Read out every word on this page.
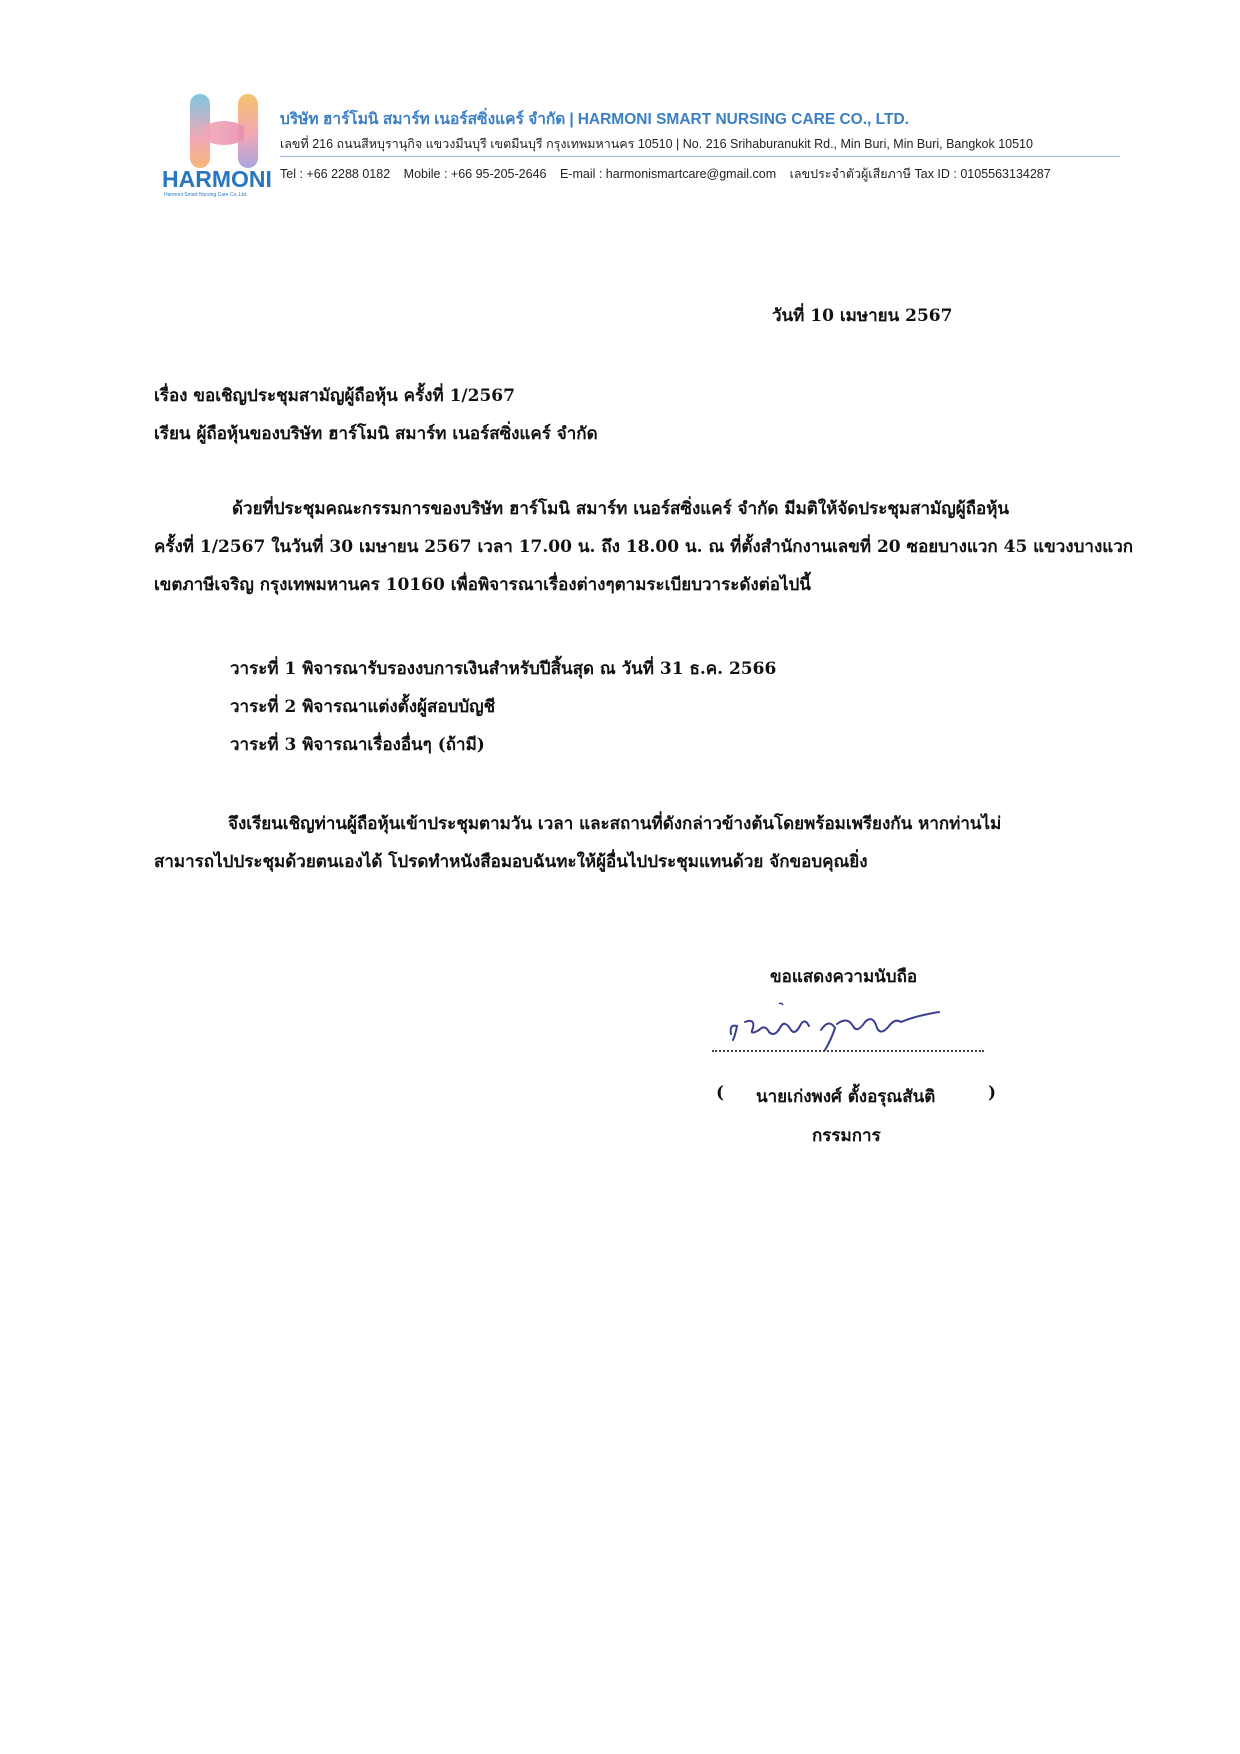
HARMONI
Harmoni Smart Nursing Care Co.,Ltd.
บริษัท ฮาร์โมนิ สมาร์ท เนอร์สซิ่งแคร์ จำกัด | HARMONI SMART NURSING CARE CO., LTD.
เลขที่ 216 ถนนสีหบุรานุกิจ แขวงมีนบุรี เขตมีนบุรี กรุงเทพมหานคร 10510 | No. 216 Srihaburanukit Rd., Min Buri, Min Buri, Bangkok 10510
Tel : +66 2288 0182 Mobile : +66 95-205-2646 E-mail : harmonismartcare@gmail.com เลขประจำตัวผู้เสียภาษี Tax ID : 0105563134287
วันที่ 10 เมษายน 2567
เรื่อง ขอเชิญประชุมสามัญผู้ถือหุ้น ครั้งที่ 1/2567
เรียน ผู้ถือหุ้นของบริษัท ฮาร์โมนิ สมาร์ท เนอร์สซิ่งแคร์ จำกัด
ด้วยที่ประชุมคณะกรรมการของบริษัท ฮาร์โมนิ สมาร์ท เนอร์สซิ่งแคร์ จำกัด มีมติให้จัดประชุมสามัญผู้ถือหุ้น
ครั้งที่ 1/2567 ในวันที่ 30 เมษายน 2567 เวลา 17.00 น. ถึง 18.00 น. ณ ที่ตั้งสำนักงานเลขที่ 20 ซอยบางแวก 45 แขวงบางแวก
เขตภาษีเจริญ กรุงเทพมหานคร 10160 เพื่อพิจารณาเรื่องต่างๆตามระเบียบวาระดังต่อไปนี้
วาระที่ 1 พิจารณารับรองงบการเงินสำหรับปีสิ้นสุด ณ วันที่ 31 ธ.ค. 2566
วาระที่ 2 พิจารณาแต่งตั้งผู้สอบบัญชี
วาระที่ 3 พิจารณาเรื่องอื่นๆ (ถ้ามี)
จึงเรียนเชิญท่านผู้ถือหุ้นเข้าประชุมตามวัน เวลา และสถานที่ดังกล่าวข้างต้นโดยพร้อมเพรียงกัน หากท่านไม่
สามารถไปประชุมด้วยตนเองได้ โปรดทำหนังสือมอบฉันทะให้ผู้อื่นไปประชุมแทนด้วย จักขอบคุณยิ่ง
ขอแสดงความนับถือ
( นายเก่งพงศ์ ตั้งอรุณสันติ	)
กรรมการ
